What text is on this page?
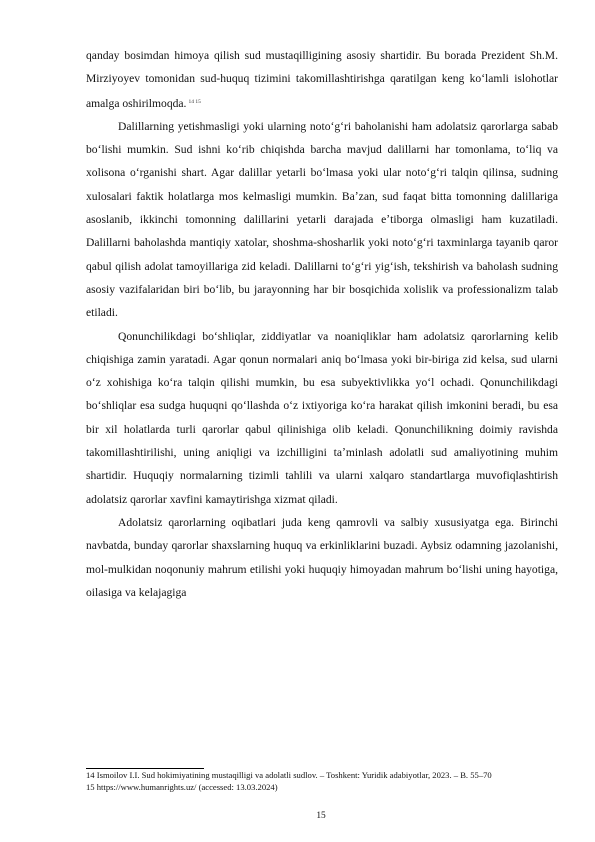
qanday bosimdan himoya qilish sud mustaqilligining asosiy shartidir. Bu borada Prezident Sh.M. Mirziyoyev tomonidan sud-huquq tizimini takomillashtirishga qaratilgan keng koʻlamli islohotlar amalga oshirilmoqda. $^{14 15}$

Dalillarning yetishmasligi yoki ularning notoʻgʻri baholanishi ham adolatsiz qarorlarga sabab boʻlishi mumkin. Sud ishni koʻrib chiqishda barcha mavjud dalillarni har tomonlama, toʻliq va xolisona oʻrganishi shart. Agar dalillar yetarli boʻlmasa yoki ular notoʻgʻri talqin qilinsa, sudning xulosalari faktik holatlarga mos kelmasligi mumkin. Baʼzan, sud faqat bitta tomonning dalillariga asoslanib, ikkinchi tomonning dalillarini yetarli darajada eʼtiborga olmasligi ham kuzatiladi. Dalillarni baholashda mantiqiy xatolar, shoshma-shosharlik yoki notoʻgʻri taxminlarga tayanib qaror qabul qilish adolat tamoyillariga zid keladi. Dalillarni toʻgʻri yigʻish, tekshirish va baholash sudning asosiy vazifalaridan biri boʻlib, bu jarayonning har bir bosqichida xolislik va professionalizm talab etiladi.

Qonunchilikdagi boʻshliqlar, ziddiyatlar va noaniqliklar ham adolatsiz qarorlarning kelib chiqishiga zamin yaratadi. Agar qonun normalari aniq boʻlmasa yoki bir-biriga zid kelsa, sud ularni oʻz xohishiga koʻra talqin qilishi mumkin, bu esa subyektivlikka yoʻl ochadi. Qonunchilikdagi boʻshliqlar esa sudga huquqni qoʻllashda oʻz ixtiyoriga koʻra harakat qilish imkonini beradi, bu esa bir xil holatlarda turli qarorlar qabul qilinishiga olib keladi. Qonunchilikning doimiy ravishda takomillashtirilishi, uning aniqligi va izchilligini taʼminlash adolatli sud amaliyotining muhim shartidir. Huquqiy normalarning tizimli tahlili va ularni xalqaro standartlarga muvofiqlashtirish adolatsiz qarorlar xavfini kamaytirishga xizmat qiladi.

Adolatsiz qarorlarning oqibatlari juda keng qamrovli va salbiy xususiyatga ega. Birinchi navbatda, bunday qarorlar shaxslarning huquq va erkinliklarini buzadi. Aybsiz odamning jazolanishi, mol-mulkidan noqonuniy mahrum etilishi yoki huquqiy himoyadan mahrum boʻlishi uning hayotiga, oilasiga va kelajagiga

14 Ismoilov I.I. Sud hokimiyatining mustaqilligi va adolatli sudlov. – Toshkent: Yuridik adabiyotlar, 2023. – B. 55–70
15 https://www.humanrights.uz/ (accessed: 13.03.2024)
15
